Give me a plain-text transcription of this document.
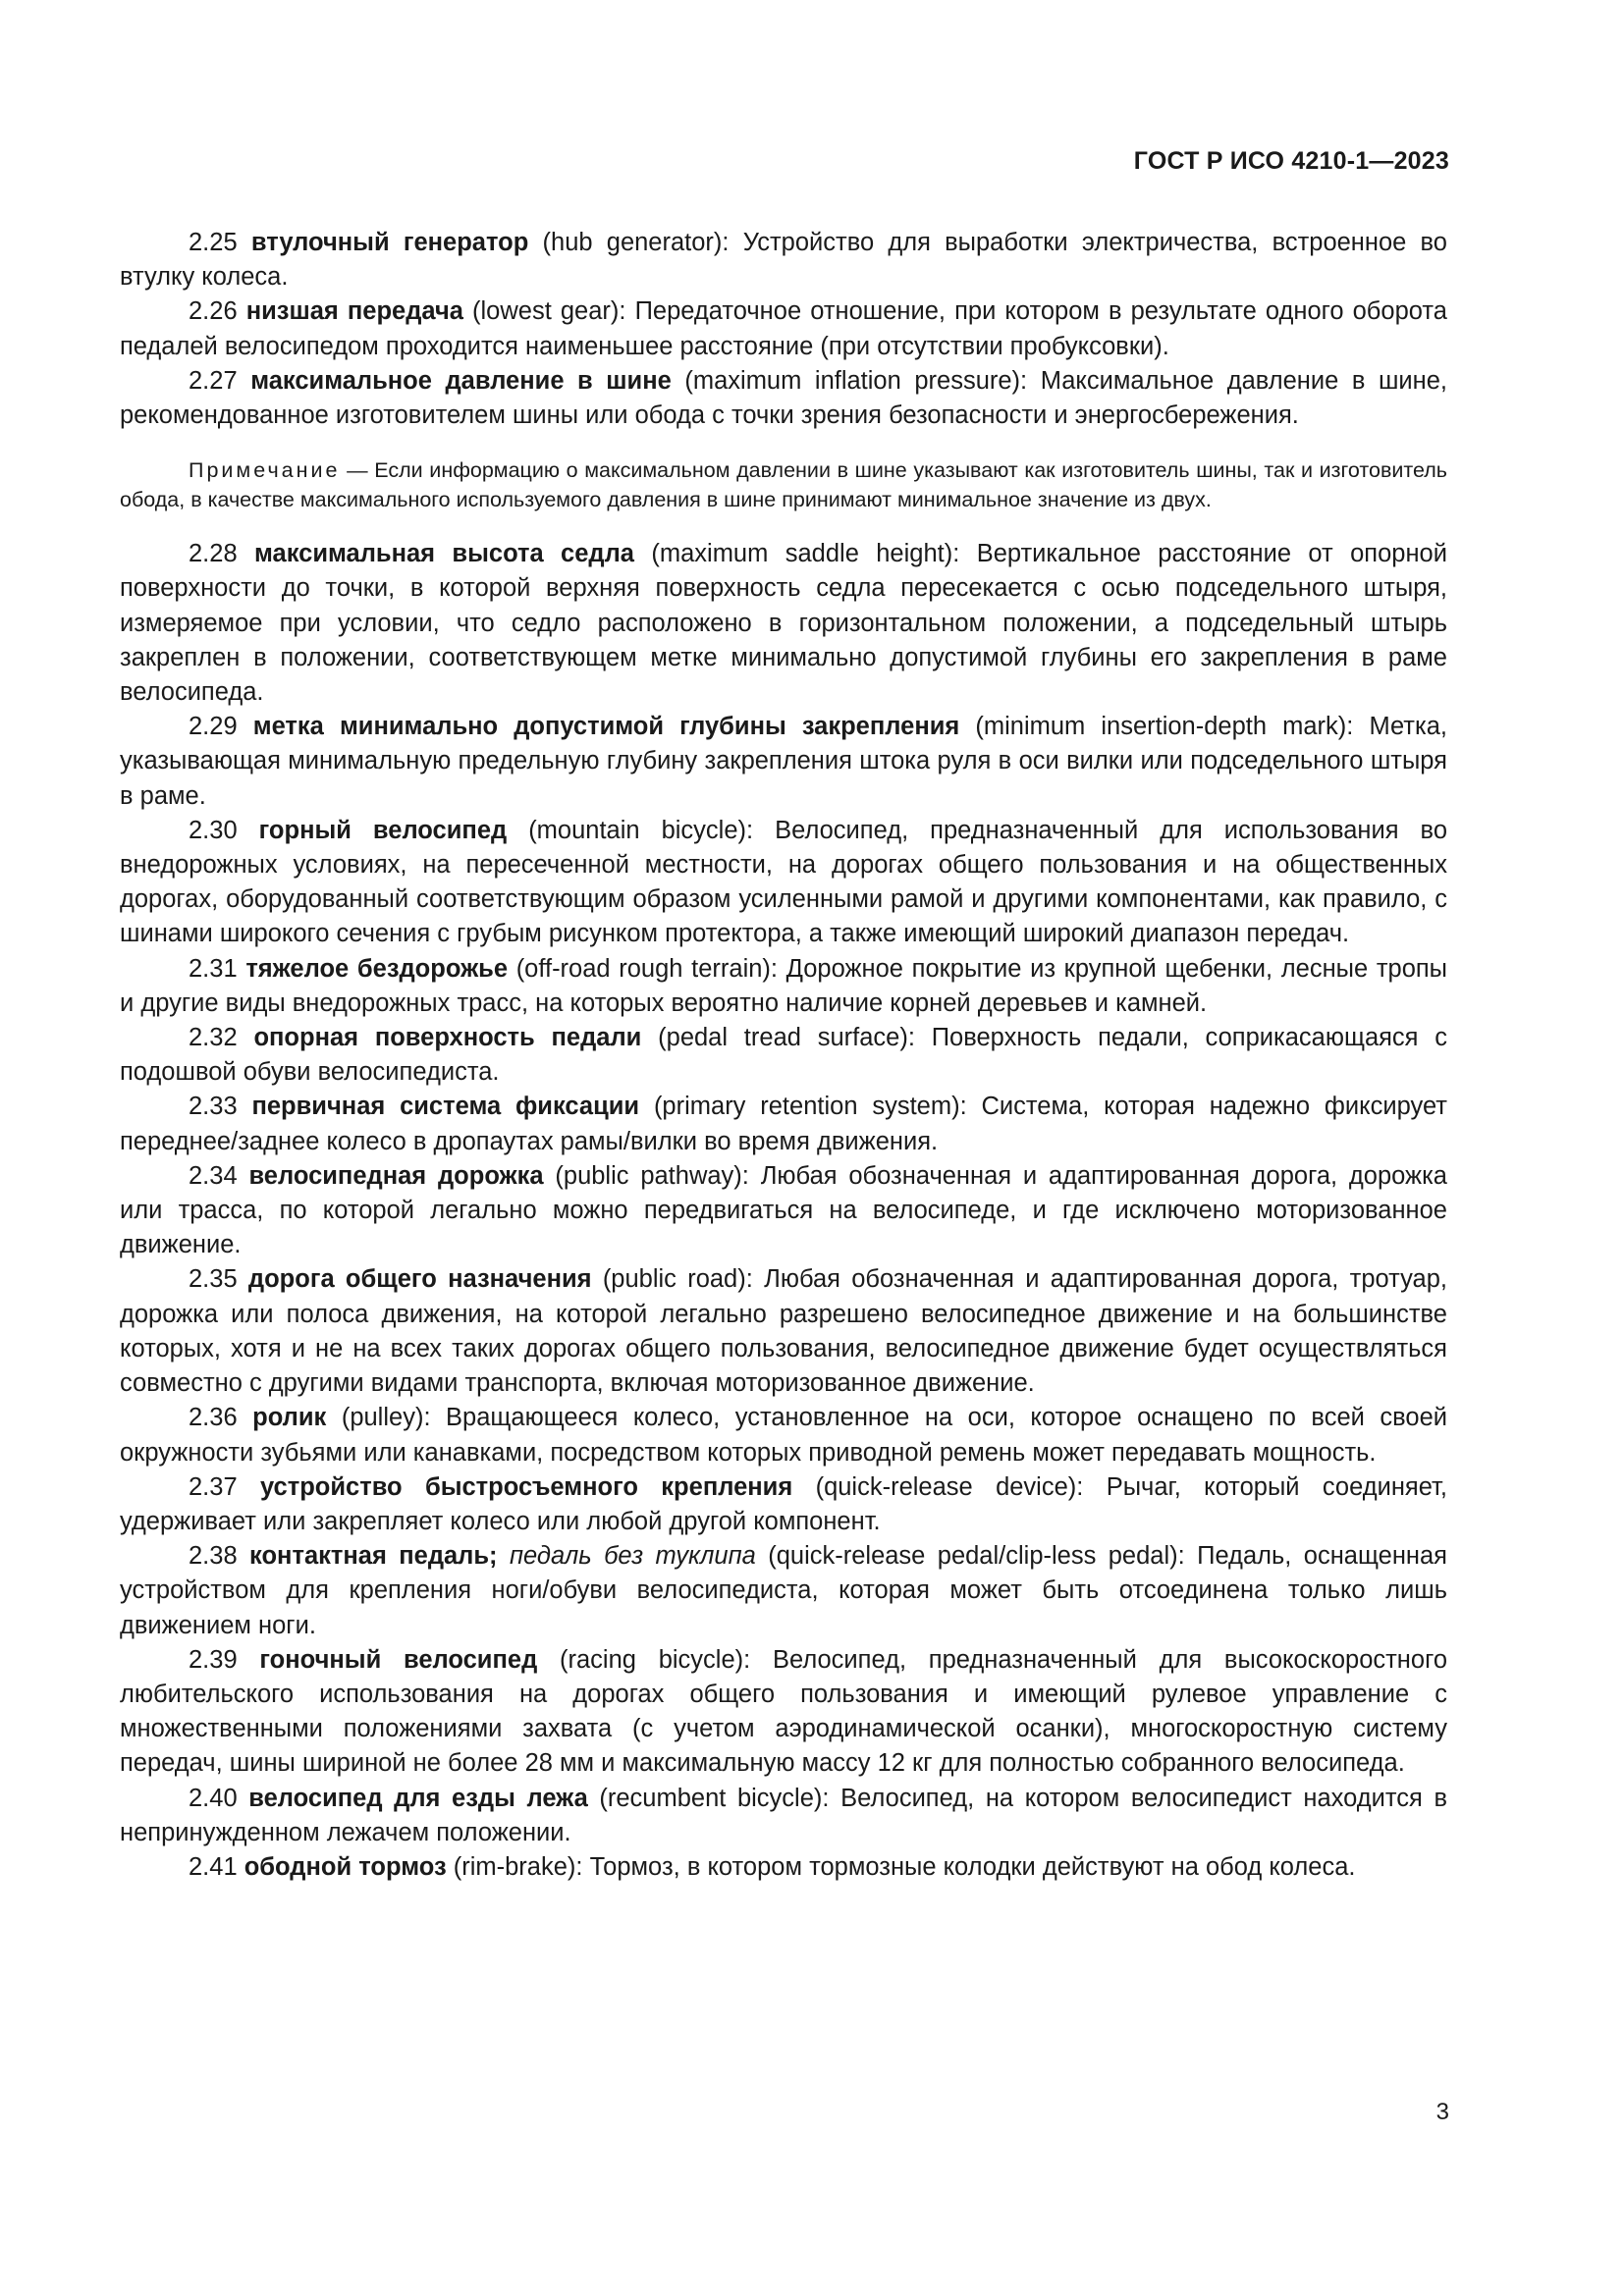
ГОСТ Р ИСО 4210-1—2023

2.25 втулочный генератор (hub generator): Устройство для выработки электричества, встроенное во втулку колеса.

2.26 низшая передача (lowest gear): Передаточное отношение, при котором в результате одного оборота педалей велосипедом проходится наименьшее расстояние (при отсутствии пробуксовки).

2.27 максимальное давление в шине (maximum inflation pressure): Максимальное давление в шине, рекомендованное изготовителем шины или обода с точки зрения безопасности и энергосбережения.

Примечание — Если информацию о максимальном давлении в шине указывают как изготовитель шины, так и изготовитель обода, в качестве максимального используемого давления в шине принимают минимальное значение из двух.

2.28 максимальная высота седла (maximum saddle height): Вертикальное расстояние от опорной поверхности до точки, в которой верхняя поверхность седла пересекается с осью подседельного штыря, измеряемое при условии, что седло расположено в горизонтальном положении, а подседельный штырь закреплен в положении, соответствующем метке минимально допустимой глубины его закрепления в раме велосипеда.

2.29 метка минимально допустимой глубины закрепления (minimum insertion-depth mark): Метка, указывающая минимальную предельную глубину закрепления штока руля в оси вилки или подседельного штыря в раме.

2.30 горный велосипед (mountain bicycle): Велосипед, предназначенный для использования во внедорожных условиях, на пересеченной местности, на дорогах общего пользования и на общественных дорогах, оборудованный соответствующим образом усиленными рамой и другими компонентами, как правило, с шинами широкого сечения с грубым рисунком протектора, а также имеющий широкий диапазон передач.

2.31 тяжелое бездорожье (off-road rough terrain): Дорожное покрытие из крупной щебенки, лесные тропы и другие виды внедорожных трасс, на которых вероятно наличие корней деревьев и камней.

2.32 опорная поверхность педали (pedal tread surface): Поверхность педали, соприкасающаяся с подошвой обуви велосипедиста.

2.33 первичная система фиксации (primary retention system): Система, которая надежно фиксирует переднее/заднее колесо в дропаутах рамы/вилки во время движения.

2.34 велосипедная дорожка (public pathway): Любая обозначенная и адаптированная дорога, дорожка или трасса, по которой легально можно передвигаться на велосипеде, и где исключено моторизованное движение.

2.35 дорога общего назначения (public road): Любая обозначенная и адаптированная дорога, тротуар, дорожка или полоса движения, на которой легально разрешено велосипедное движение и на большинстве которых, хотя и не на всех таких дорогах общего пользования, велосипедное движение будет осуществляться совместно с другими видами транспорта, включая моторизованное движение.

2.36 ролик (pulley): Вращающееся колесо, установленное на оси, которое оснащено по всей своей окружности зубьями или канавками, посредством которых приводной ремень может передавать мощность.

2.37 устройство быстросъемного крепления (quick-release device): Рычаг, который соединяет, удерживает или закрепляет колесо или любой другой компонент.

2.38 контактная педаль; педаль без туклипа (quick-release pedal/clip-less pedal): Педаль, оснащенная устройством для крепления ноги/обуви велосипедиста, которая может быть отсоединена только лишь движением ноги.

2.39 гоночный велосипед (racing bicycle): Велосипед, предназначенный для высокоскоростного любительского использования на дорогах общего пользования и имеющий рулевое управление с множественными положениями захвата (с учетом аэродинамической осанки), многоскоростную систему передач, шины шириной не более 28 мм и максимальную массу 12 кг для полностью собранного велосипеда.

2.40 велосипед для езды лежа (recumbent bicycle): Велосипед, на котором велосипедист находится в непринужденном лежачем положении.

2.41 ободной тормоз (rim-brake): Тормоз, в котором тормозные колодки действуют на обод колеса.

3
